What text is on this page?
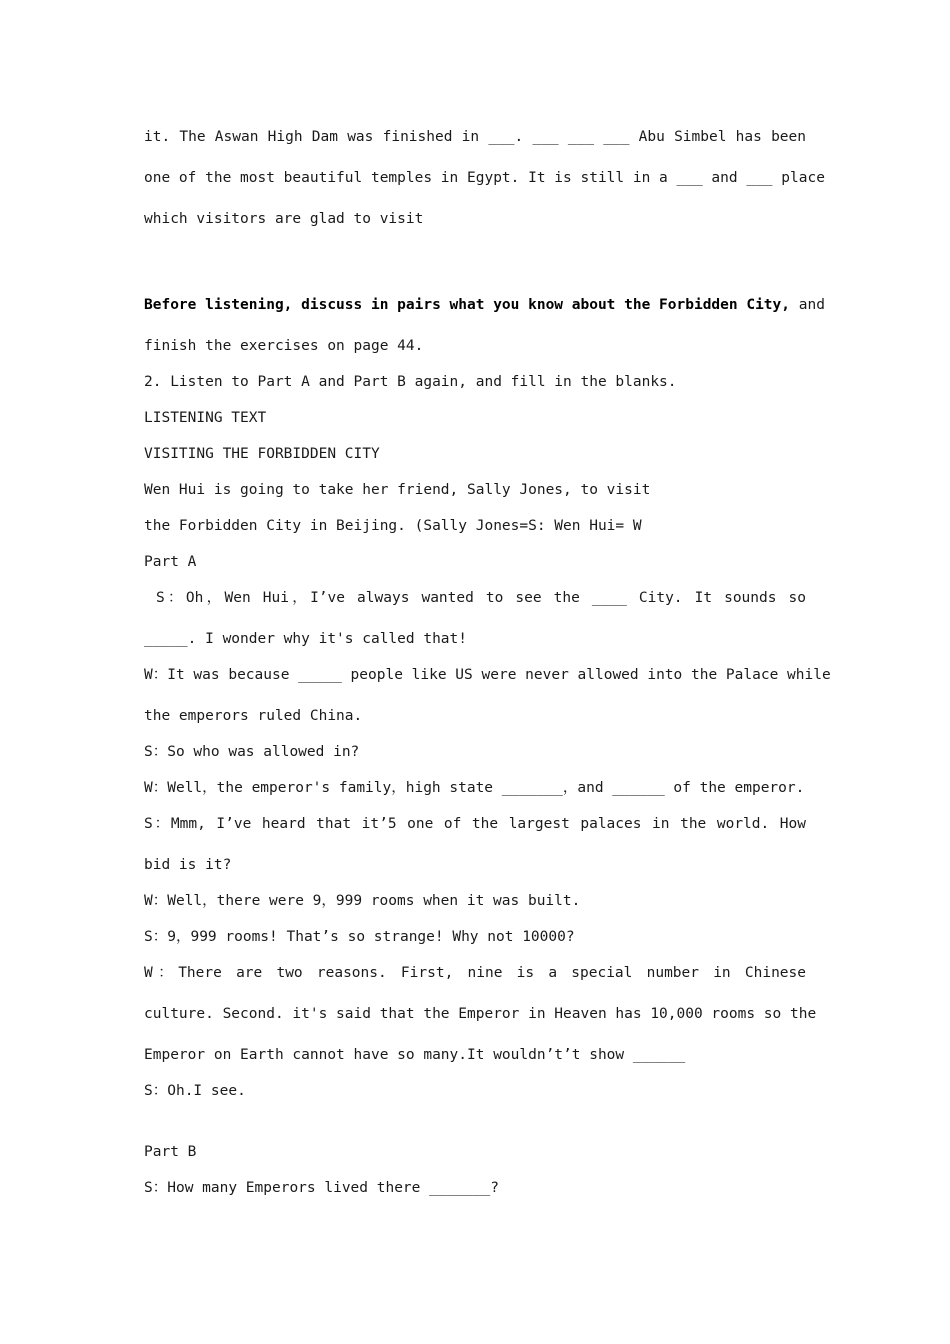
it. The Aswan High Dam was finished in ___. ___ ___ ___ Abu Simbel has been
one of the most beautiful temples in Egypt. It is still in a ___ and ___ place
which visitors are glad to visit
Before listening, discuss in pairs what you know about the Forbidden City, and
finish the exercises on page 44.
2. Listen to Part A and Part B again, and fill in the blanks.
LISTENING TEXT
VISITING THE FORBIDDEN CITY
Wen Hui is going to take her friend, Sally Jones, to visit
the Forbidden City in Beijing. (Sally Jones=S: Wen Hui= W
Part A
S：Oh，Wen Hui，I’ve always wanted to see the ____ City. It sounds so
_____. I wonder why it's called that!
W：It was because _____ people like US were never allowed into the Palace while
the emperors ruled China.
S：So who was allowed in?
W：Well，the emperor's family，high state _______，and ______ of the emperor.
S：Mmm, I’ve heard that it’5 one of the largest palaces in the world. How
bid is it?
W：Well，there were 9，999 rooms when it was built.
S：9，999 rooms! That’s so strange! Why not 10000?
W：There are two reasons. First, nine is a special number in Chinese
culture. Second. it's said that the Emperor in Heaven has 10,000 rooms so the
Emperor on Earth cannot have so many.It wouldn’t’t show ______
S：Oh.I see.
Part B
S：How many Emperors lived there _______?
